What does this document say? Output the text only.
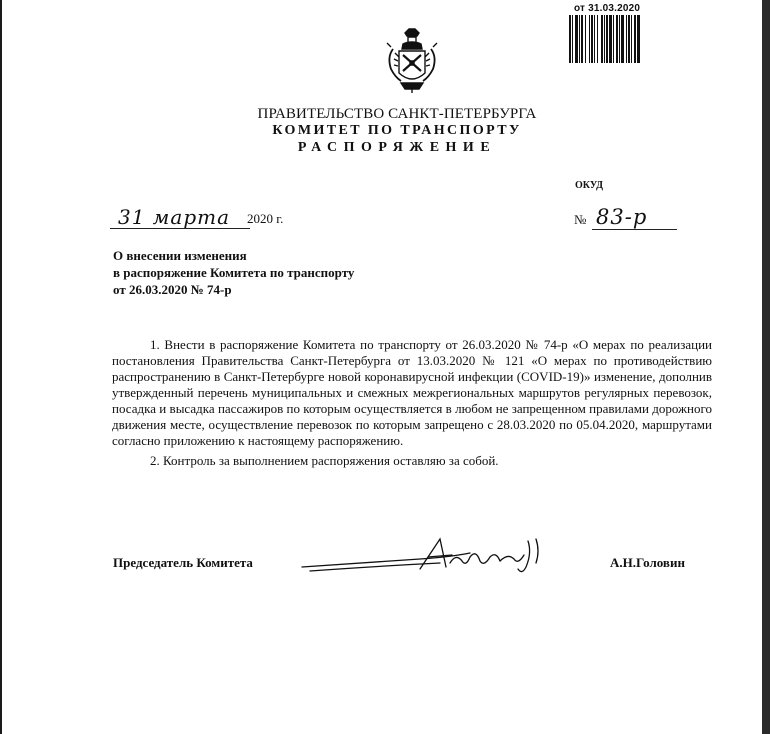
от 31.03.2020
ПРАВИТЕЛЬСТВО САНКТ-ПЕТЕРБУРГА
КОМИТЕТ ПО ТРАНСПОРТУ
РАСПОРЯЖЕНИЕ
ОКУД
31 марта 2020 г.	№ 83-р
О внесении изменения
в распоряжение Комитета по транспорту
от 26.03.2020 № 74-р

1. Внести в распоряжение Комитета по транспорту от 26.03.2020 № 74-р «О мерах по реализации постановления Правительства Санкт-Петербурга от 13.03.2020 № 121 «О мерах по противодействию распространению в Санкт-Петербурге новой коронавирусной инфекции (COVID-19)» изменение, дополнив утвержденный перечень муниципальных и смежных межрегиональных маршрутов регулярных перевозок, посадка и высадка пассажиров по которым осуществляется в любом не запрещенном правилами дорожного движения месте, осуществление перевозок по которым запрещено с 28.03.2020 по 05.04.2020, маршрутами согласно приложению к настоящему распоряжению.

2. Контроль за выполнением распоряжения оставляю за собой.

Председатель Комитета	А.Н.Головин
